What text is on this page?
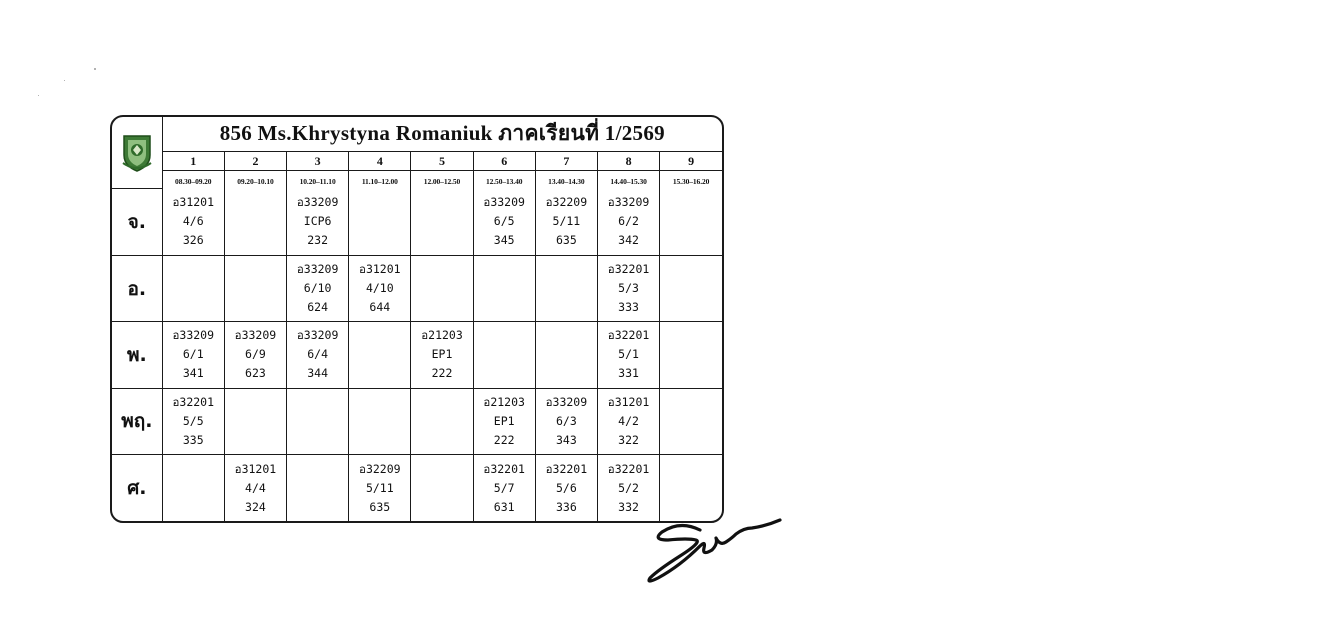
	856 Ms.Khrystyna Romaniuk ภาคเรียนที่ 1/2569								
	1	2	3	4	5	6	7	8	9
	08.30–09.20	09.20–10.10	10.20–11.10	11.10–12.00	12.00–12.50	12.50–13.40	13.40–14.30	14.40–15.30	15.30–16.20
จ.	อ31201
4/6
326		อ33209
ICP6
232			อ33209
6/5
345	อ32209
5/11
635	อ33209
6/2
342	

อ.			อ33209
6/10
624	อ31201
4/10
644				อ32201
5/3
333	

พ.	อ33209
6/1
341	อ33209
6/9
623	อ33209
6/4
344		อ21203
EP1
222			อ32201
5/1
331	

พฤ.	อ32201
5/5
335					อ21203
EP1
222	อ33209
6/3
343	อ31201
4/2
322	

ศ.		อ31201
4/4
324		อ32209
5/11
635		อ32201
5/7
631	อ32201
5/6
336	อ32201
5/2
332	
